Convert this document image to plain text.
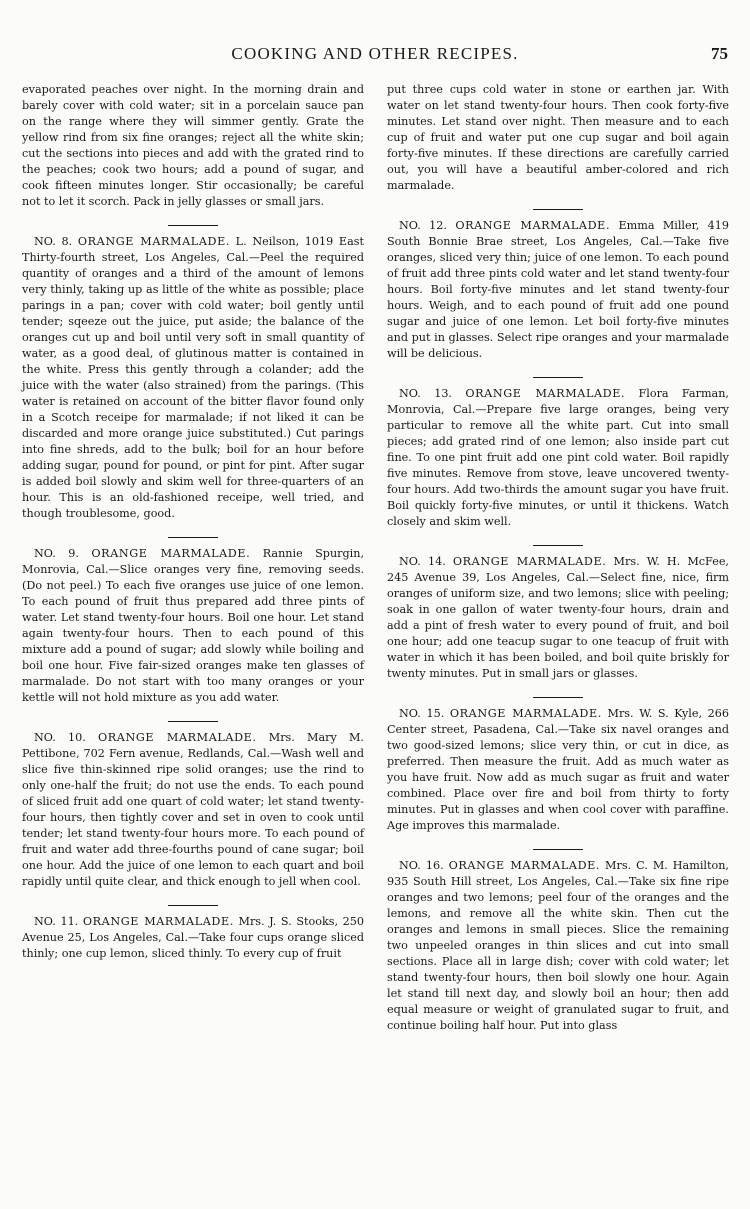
COOKING AND OTHER RECIPES.	75

evaporated peaches over night. In the morning drain and barely cover with cold water; sit in a porcelain sauce pan on the range where they will simmer gently. Grate the yellow rind from six fine oranges; reject all the white skin; cut the sections into pieces and add with the grated rind to the peaches; cook two hours; add a pound of sugar, and cook fifteen minutes longer. Stir occasionally; be careful not to let it scorch. Pack in jelly glasses or small jars.

NO. 8. ORANGE MARMALADE. L. Neilson, 1019 East Thirty-fourth street, Los Angeles, Cal.—Peel the required quantity of oranges and a third of the amount of lemons very thinly, taking up as little of the white as possible; place parings in a pan; cover with cold water; boil gently until tender; sqeeze out the juice, put aside; the balance of the oranges cut up and boil until very soft in small quantity of water, as a good deal, of glutinous matter is contained in the white. Press this gently through a colander; add the juice with the water (also strained) from the parings. (This water is retained on account of the bitter flavor found only in a Scotch receipe for marmalade; if not liked it can be discarded and more orange juice substituted.) Cut parings into fine shreds, add to the bulk; boil for an hour before adding sugar, pound for pound, or pint for pint. After sugar is added boil slowly and skim well for three-quarters of an hour. This is an old-fashioned receipe, well tried, and though troublesome, good.

NO. 9. ORANGE MARMALADE. Rannie Spurgin, Monrovia, Cal.—Slice oranges very fine, removing seeds. (Do not peel.) To each five oranges use juice of one lemon. To each pound of fruit thus prepared add three pints of water. Let stand twenty-four hours. Boil one hour. Let stand again twenty-four hours. Then to each pound of this mixture add a pound of sugar; add slowly while boiling and boil one hour. Five fair-sized oranges make ten glasses of marmalade. Do not start with too many oranges or your kettle will not hold mixture as you add water.

NO. 10. ORANGE MARMALADE. Mrs. Mary M. Pettibone, 702 Fern avenue, Redlands, Cal.—Wash well and slice five thin-skinned ripe solid oranges; use the rind to only one-half the fruit; do not use the ends. To each pound of sliced fruit add one quart of cold water; let stand twenty-four hours, then tightly cover and set in oven to cook until tender; let stand twenty-four hours more. To each pound of fruit and water add three-fourths pound of cane sugar; boil one hour. Add the juice of one lemon to each quart and boil rapidly until quite clear, and thick enough to jell when cool.

NO. 11. ORANGE MARMALADE. Mrs. J. S. Stooks, 250 Avenue 25, Los Angeles, Cal.—Take four cups orange sliced thinly; one cup lemon, sliced thinly. To every cup of fruit

put three cups cold water in stone or earthen jar. With water on let stand twenty-four hours. Then cook forty-five minutes. Let stand over night. Then measure and to each cup of fruit and water put one cup sugar and boil again forty-five minutes. If these directions are carefully carried out, you will have a beautiful amber-colored and rich marmalade.

NO. 12. ORANGE MARMALADE. Emma Miller, 419 South Bonnie Brae street, Los Angeles, Cal.—Take five oranges, sliced very thin; juice of one lemon. To each pound of fruit add three pints cold water and let stand twenty-four hours. Boil forty-five minutes and let stand twenty-four hours. Weigh, and to each pound of fruit add one pound sugar and juice of one lemon. Let boil forty-five minutes and put in glasses. Select ripe oranges and your marmalade will be delicious.

NO. 13. ORANGE MARMALADE. Flora Farman, Monrovia, Cal.—Prepare five large oranges, being very particular to remove all the white part. Cut into small pieces; add grated rind of one lemon; also inside part cut fine. To one pint fruit add one pint cold water. Boil rapidly five minutes. Remove from stove, leave uncovered twenty-four hours. Add two-thirds the amount sugar you have fruit. Boil quickly forty-five minutes, or until it thickens. Watch closely and skim well.

NO. 14. ORANGE MARMALADE. Mrs. W. H. McFee, 245 Avenue 39, Los Angeles, Cal.—Select fine, nice, firm oranges of uniform size, and two lemons; slice with peeling; soak in one gallon of water twenty-four hours, drain and add a pint of fresh water to every pound of fruit, and boil one hour; add one teacup sugar to one teacup of fruit with water in which it has been boiled, and boil quite briskly for twenty minutes. Put in small jars or glasses.

NO. 15. ORANGE MARMALADE. Mrs. W. S. Kyle, 266 Center street, Pasadena, Cal.—Take six navel oranges and two good-sized lemons; slice very thin, or cut in dice, as preferred. Then measure the fruit. Add as much water as you have fruit. Now add as much sugar as fruit and water combined. Place over fire and boil from thirty to forty minutes. Put in glasses and when cool cover with paraffine. Age improves this marmalade.

NO. 16. ORANGE MARMALADE. Mrs. C. M. Hamilton, 935 South Hill street, Los Angeles, Cal.—Take six fine ripe oranges and two lemons; peel four of the oranges and the lemons, and remove all the white skin. Then cut the oranges and lemons in small pieces. Slice the remaining two unpeeled oranges in thin slices and cut into small sections. Place all in large dish; cover with cold water; let stand twenty-four hours, then boil slowly one hour. Again let stand till next day, and slowly boil an hour; then add equal measure or weight of granulated sugar to fruit, and continue boiling half hour. Put into glass
